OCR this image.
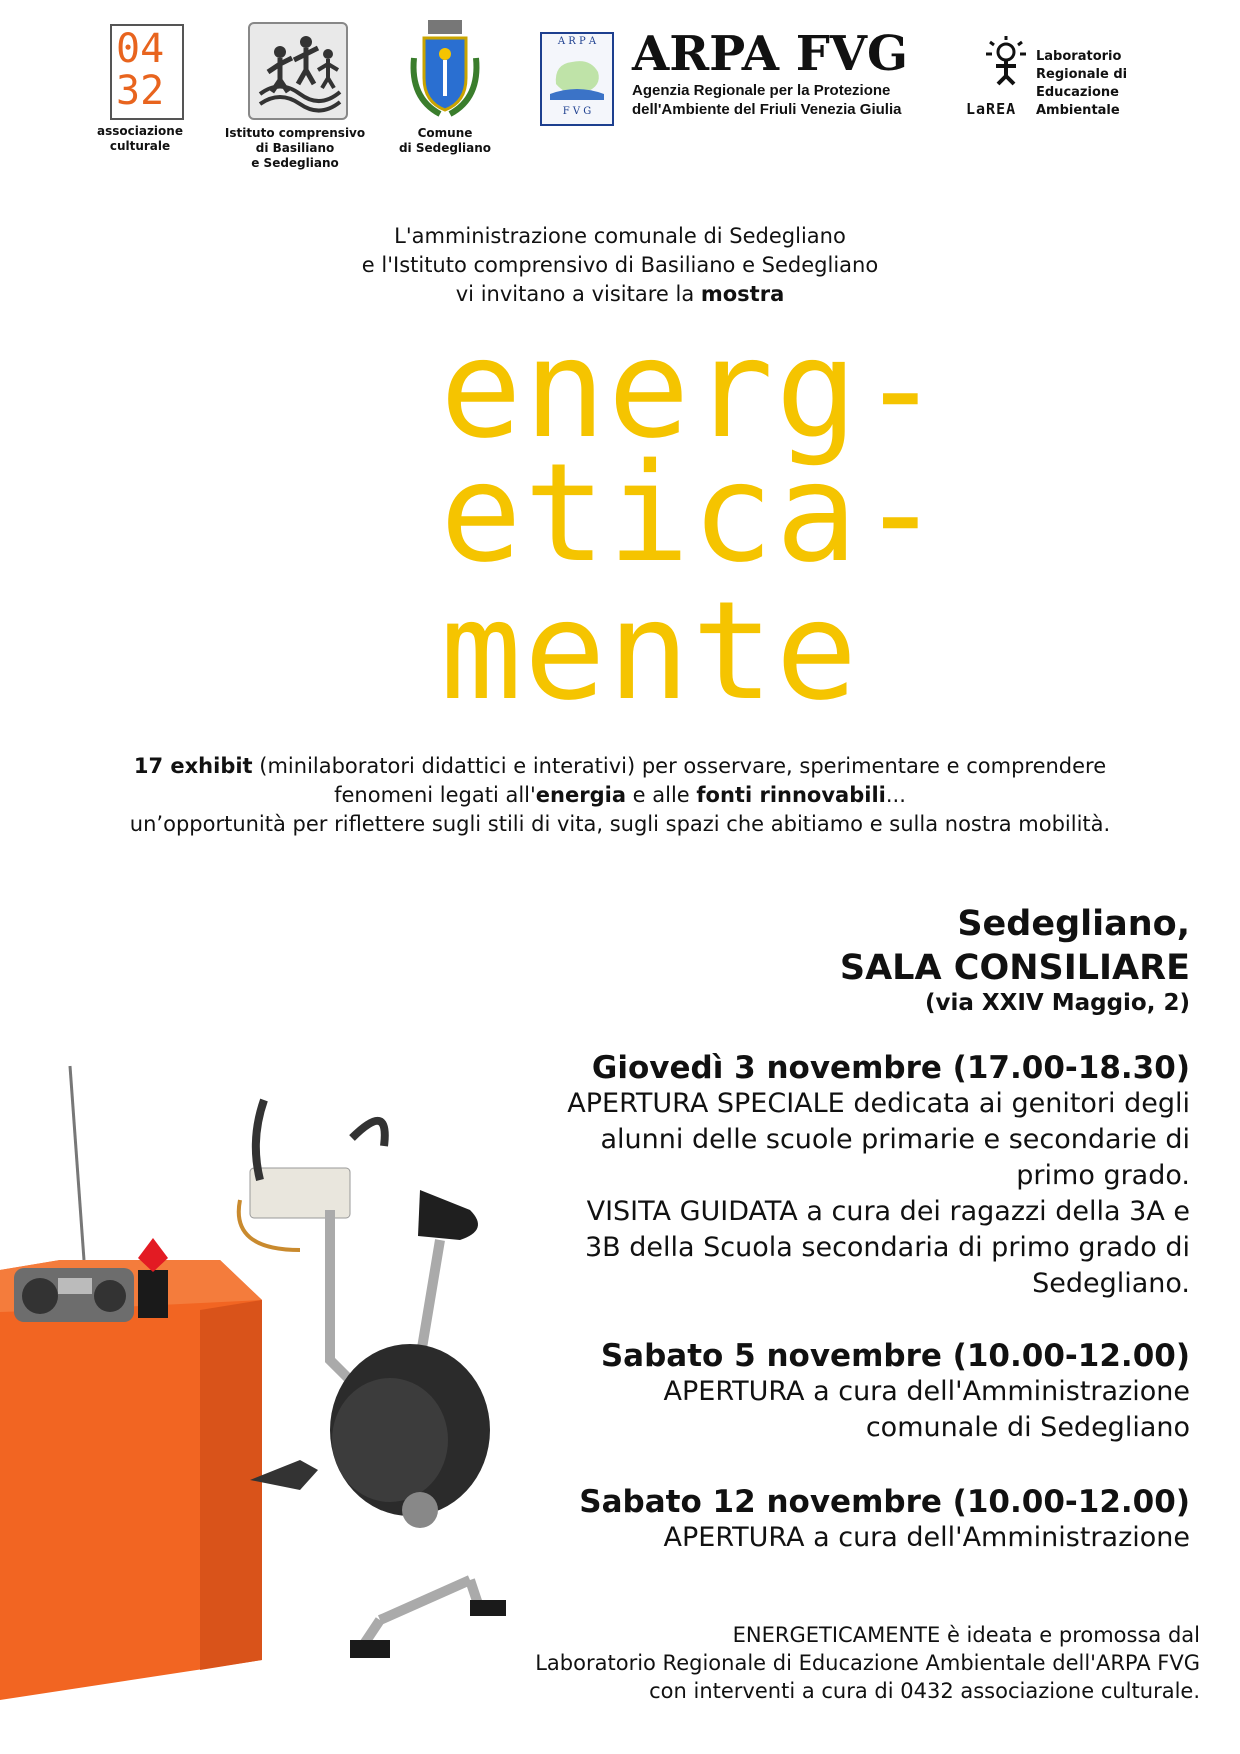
04
32
associazione
culturale
Istituto comprensivo
di Basiliano
e Sedegliano
Comune
di Sedegliano
A R P A
F V G
ARPA FVG
Agenzia Regionale per la Protezione
dell'Ambiente del Friuli Venezia Giulia	LaREA
Laboratorio
Regionale di
Educazione
Ambientale
L'amministrazione comunale di Sedegliano
e l'Istituto comprensivo di Basiliano e Sedegliano
vi invitano a visitare la mostra
energ-
etica-
mente
17 exhibit (minilaboratori didattici e interativi) per osservare, sperimentare e comprendere
fenomeni legati all'energia e alle fonti rinnovabili...
un’opportunità per riflettere sugli stili di vita, sugli spazi che abitiamo e sulla nostra mobilità.
Sedegliano,
SALA CONSILIARE
(via XXIV Maggio, 2)
Giovedì 3 novembre (17.00-18.30)
APERTURA SPECIALE dedicata ai genitori degli
alunni delle scuole primarie e secondarie di
primo grado.
VISITA GUIDATA a cura dei ragazzi della 3A e
3B della Scuola secondaria di primo grado di
Sedegliano.
Sabato 5 novembre (10.00-12.00)
APERTURA a cura dell'Amministrazione
comunale di Sedegliano
Sabato 12 novembre (10.00-12.00)
APERTURA a cura dell'Amministrazione
ENERGETICAMENTE è ideata e promossa dal
Laboratorio Regionale di Educazione Ambientale dell'ARPA FVG
con interventi a cura di 0432 associazione culturale.
